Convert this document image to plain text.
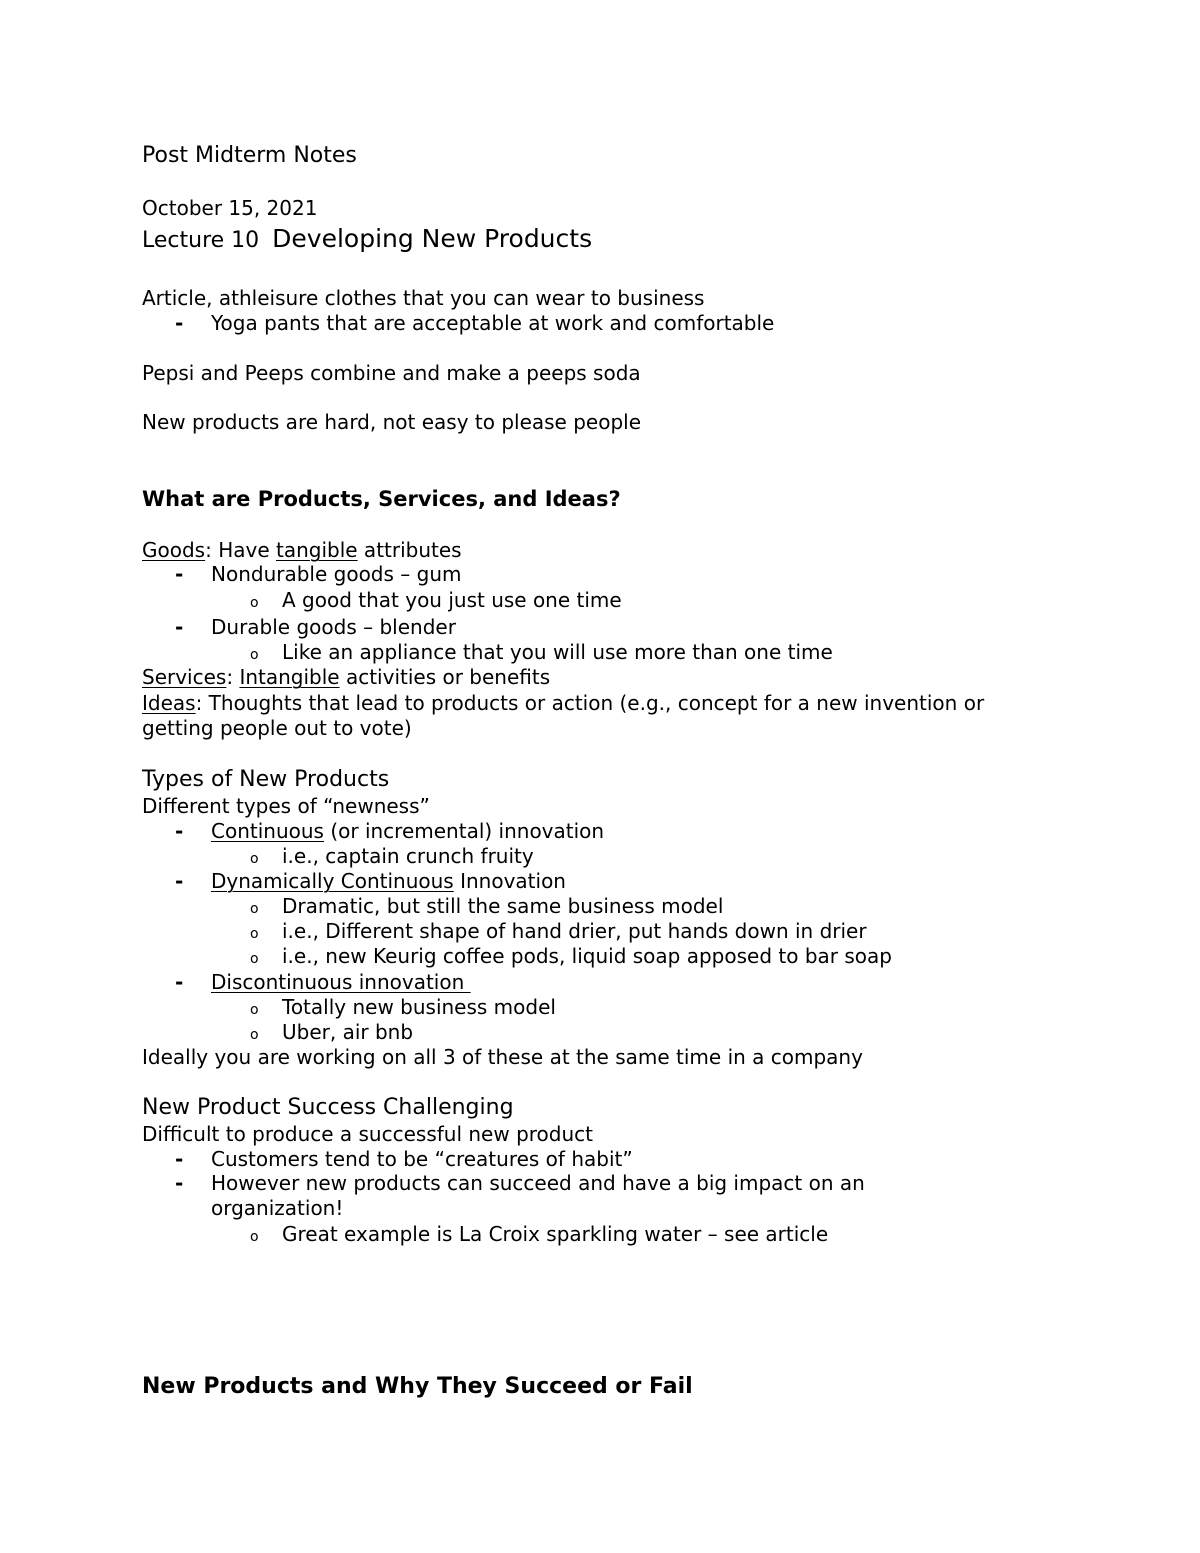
Post Midterm Notes
October 15, 2021
Lecture 10 Developing New Products
Article, athleisure clothes that you can wear to business
- Yoga pants that are acceptable at work and comfortable
Pepsi and Peeps combine and make a peeps soda
New products are hard, not easy to please people
What are Products, Services, and Ideas?
Goods: Have tangible attributes
- Nondurable goods – gum
o A good that you just use one time
- Durable goods – blender
o Like an appliance that you will use more than one time
Services: Intangible activities or benefits
Ideas: Thoughts that lead to products or action (e.g., concept for a new invention or
getting people out to vote)
Types of New Products
Different types of “newness”
- Continuous (or incremental) innovation
o i.e., captain crunch fruity
- Dynamically Continuous Innovation
o Dramatic, but still the same business model
o i.e., Different shape of hand drier, put hands down in drier
o i.e., new Keurig coffee pods, liquid soap apposed to bar soap
- Discontinuous innovation
o Totally new business model
o Uber, air bnb
Ideally you are working on all 3 of these at the same time in a company
New Product Success Challenging
Difficult to produce a successful new product
- Customers tend to be “creatures of habit”
- However new products can succeed and have a big impact on an
organization!
o Great example is La Croix sparkling water – see article
New Products and Why They Succeed or Fail
